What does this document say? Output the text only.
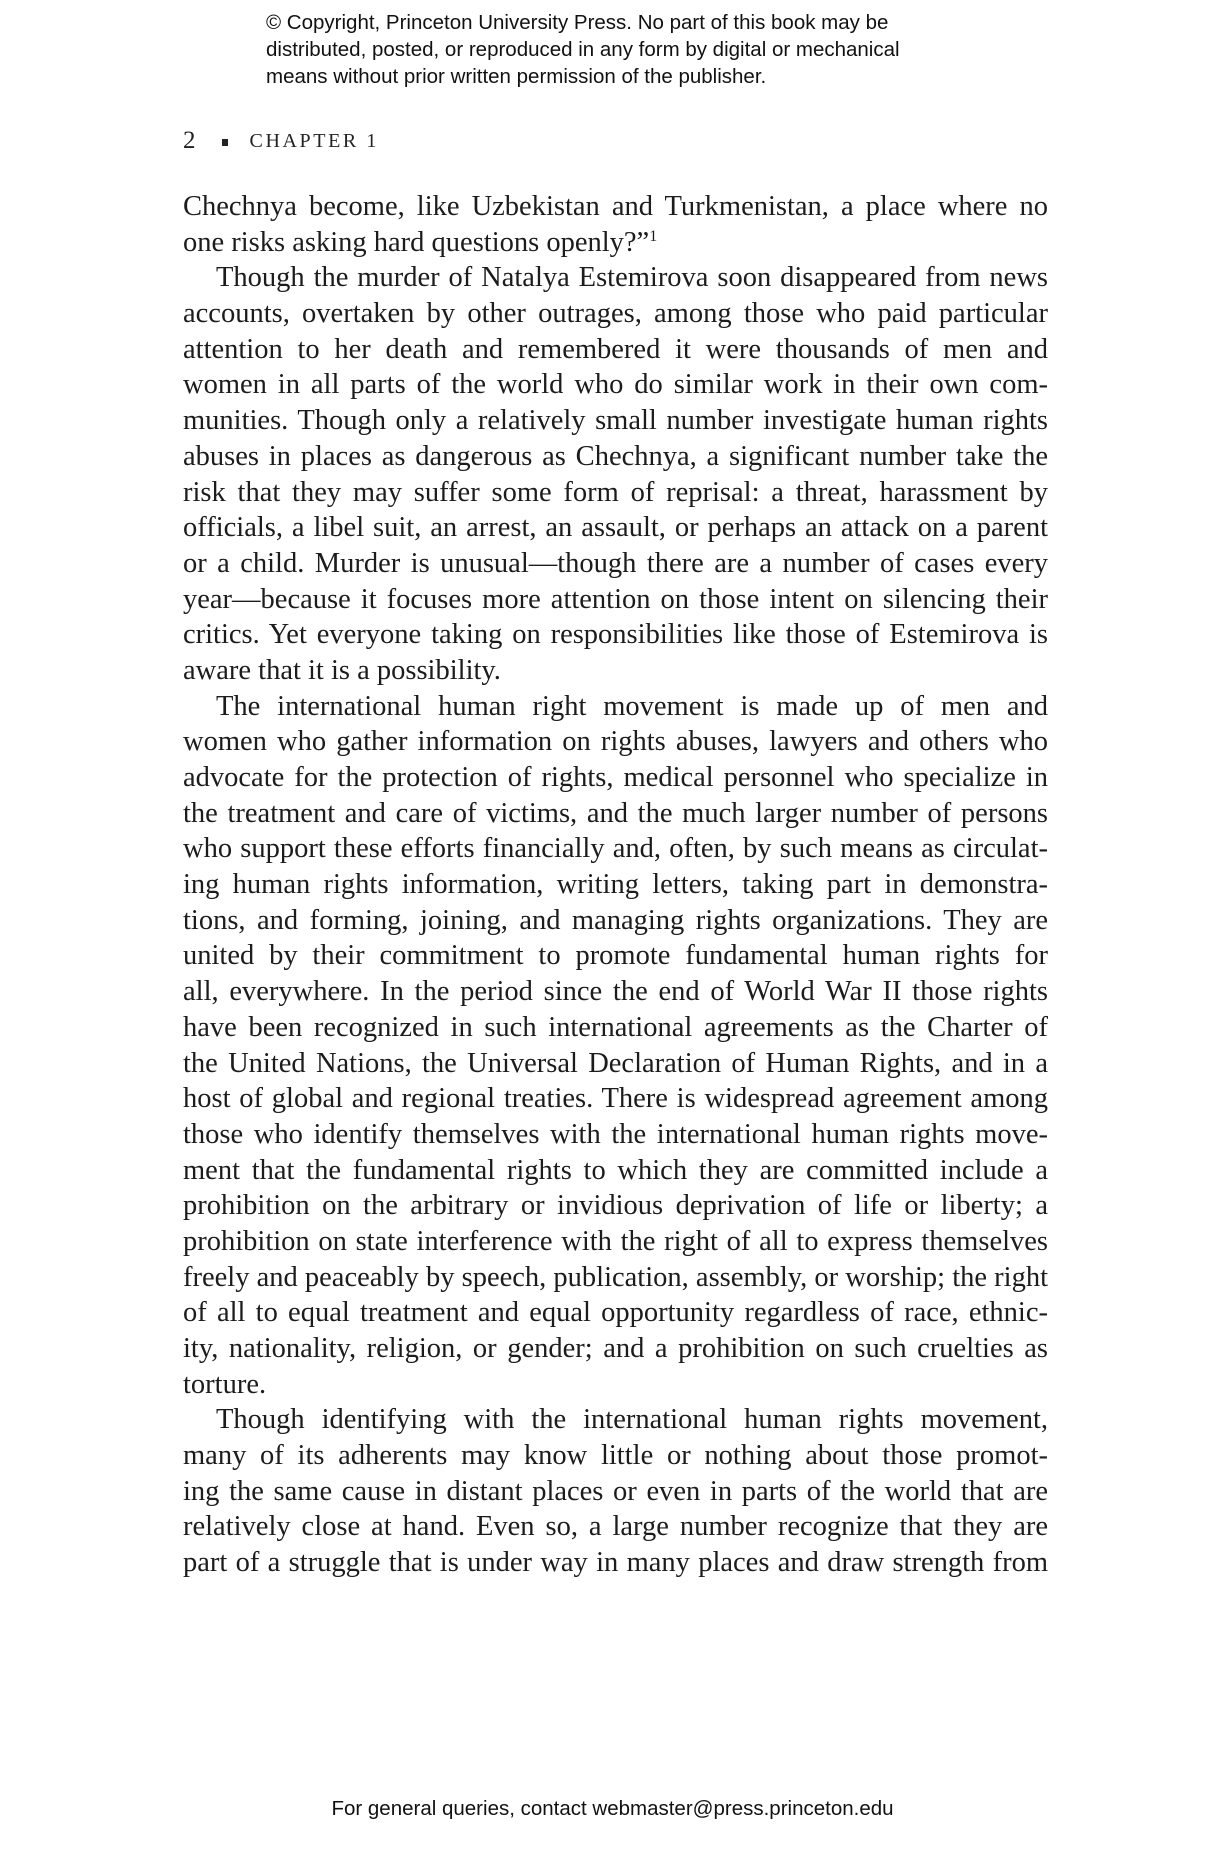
© Copyright, Princeton University Press. No part of this book may be
distributed, posted, or reproduced in any form by digital or mechanical
means without prior written permission of the publisher.
2	CHAPTER 1
Chechnya become, like Uzbekistan and Turkmenistan, a place where no
one risks asking hard questions openly?”$^1$
Though the murder of Natalya Estemirova soon disappeared from news
accounts, overtaken by other outrages, among those who paid particular
attention to her death and remembered it were thousands of men and
women in all parts of the world who do similar work in their own com-
munities. Though only a relatively small number investigate human rights
abuses in places as dangerous as Chechnya, a significant number take the
risk that they may suffer some form of reprisal: a threat, harassment by
officials, a libel suit, an arrest, an assault, or perhaps an attack on a parent
or a child. Murder is unusual—though there are a number of cases every
year—because it focuses more attention on those intent on silencing their
critics. Yet everyone taking on responsibilities like those of Estemirova is
aware that it is a possibility.
The international human right movement is made up of men and
women who gather information on rights abuses, lawyers and others who
advocate for the protection of rights, medical personnel who specialize in
the treatment and care of victims, and the much larger number of persons
who support these efforts financially and, often, by such means as circulat-
ing human rights information, writing letters, taking part in demonstra-
tions, and forming, joining, and managing rights organizations. They are
united by their commitment to promote fundamental human rights for
all, everywhere. In the period since the end of World War II those rights
have been recognized in such international agreements as the Charter of
the United Nations, the Universal Declaration of Human Rights, and in a
host of global and regional treaties. There is widespread agreement among
those who identify themselves with the international human rights move-
ment that the fundamental rights to which they are committed include a
prohibition on the arbitrary or invidious deprivation of life or liberty; a
prohibition on state interference with the right of all to express themselves
freely and peaceably by speech, publication, assembly, or worship; the right
of all to equal treatment and equal opportunity regardless of race, ethnic-
ity, nationality, religion, or gender; and a prohibition on such cruelties as
torture.
Though identifying with the international human rights movement,
many of its adherents may know little or nothing about those promot-
ing the same cause in distant places or even in parts of the world that are
relatively close at hand. Even so, a large number recognize that they are
part of a struggle that is under way in many places and draw strength from
For general queries, contact webmaster@press.princeton.edu
